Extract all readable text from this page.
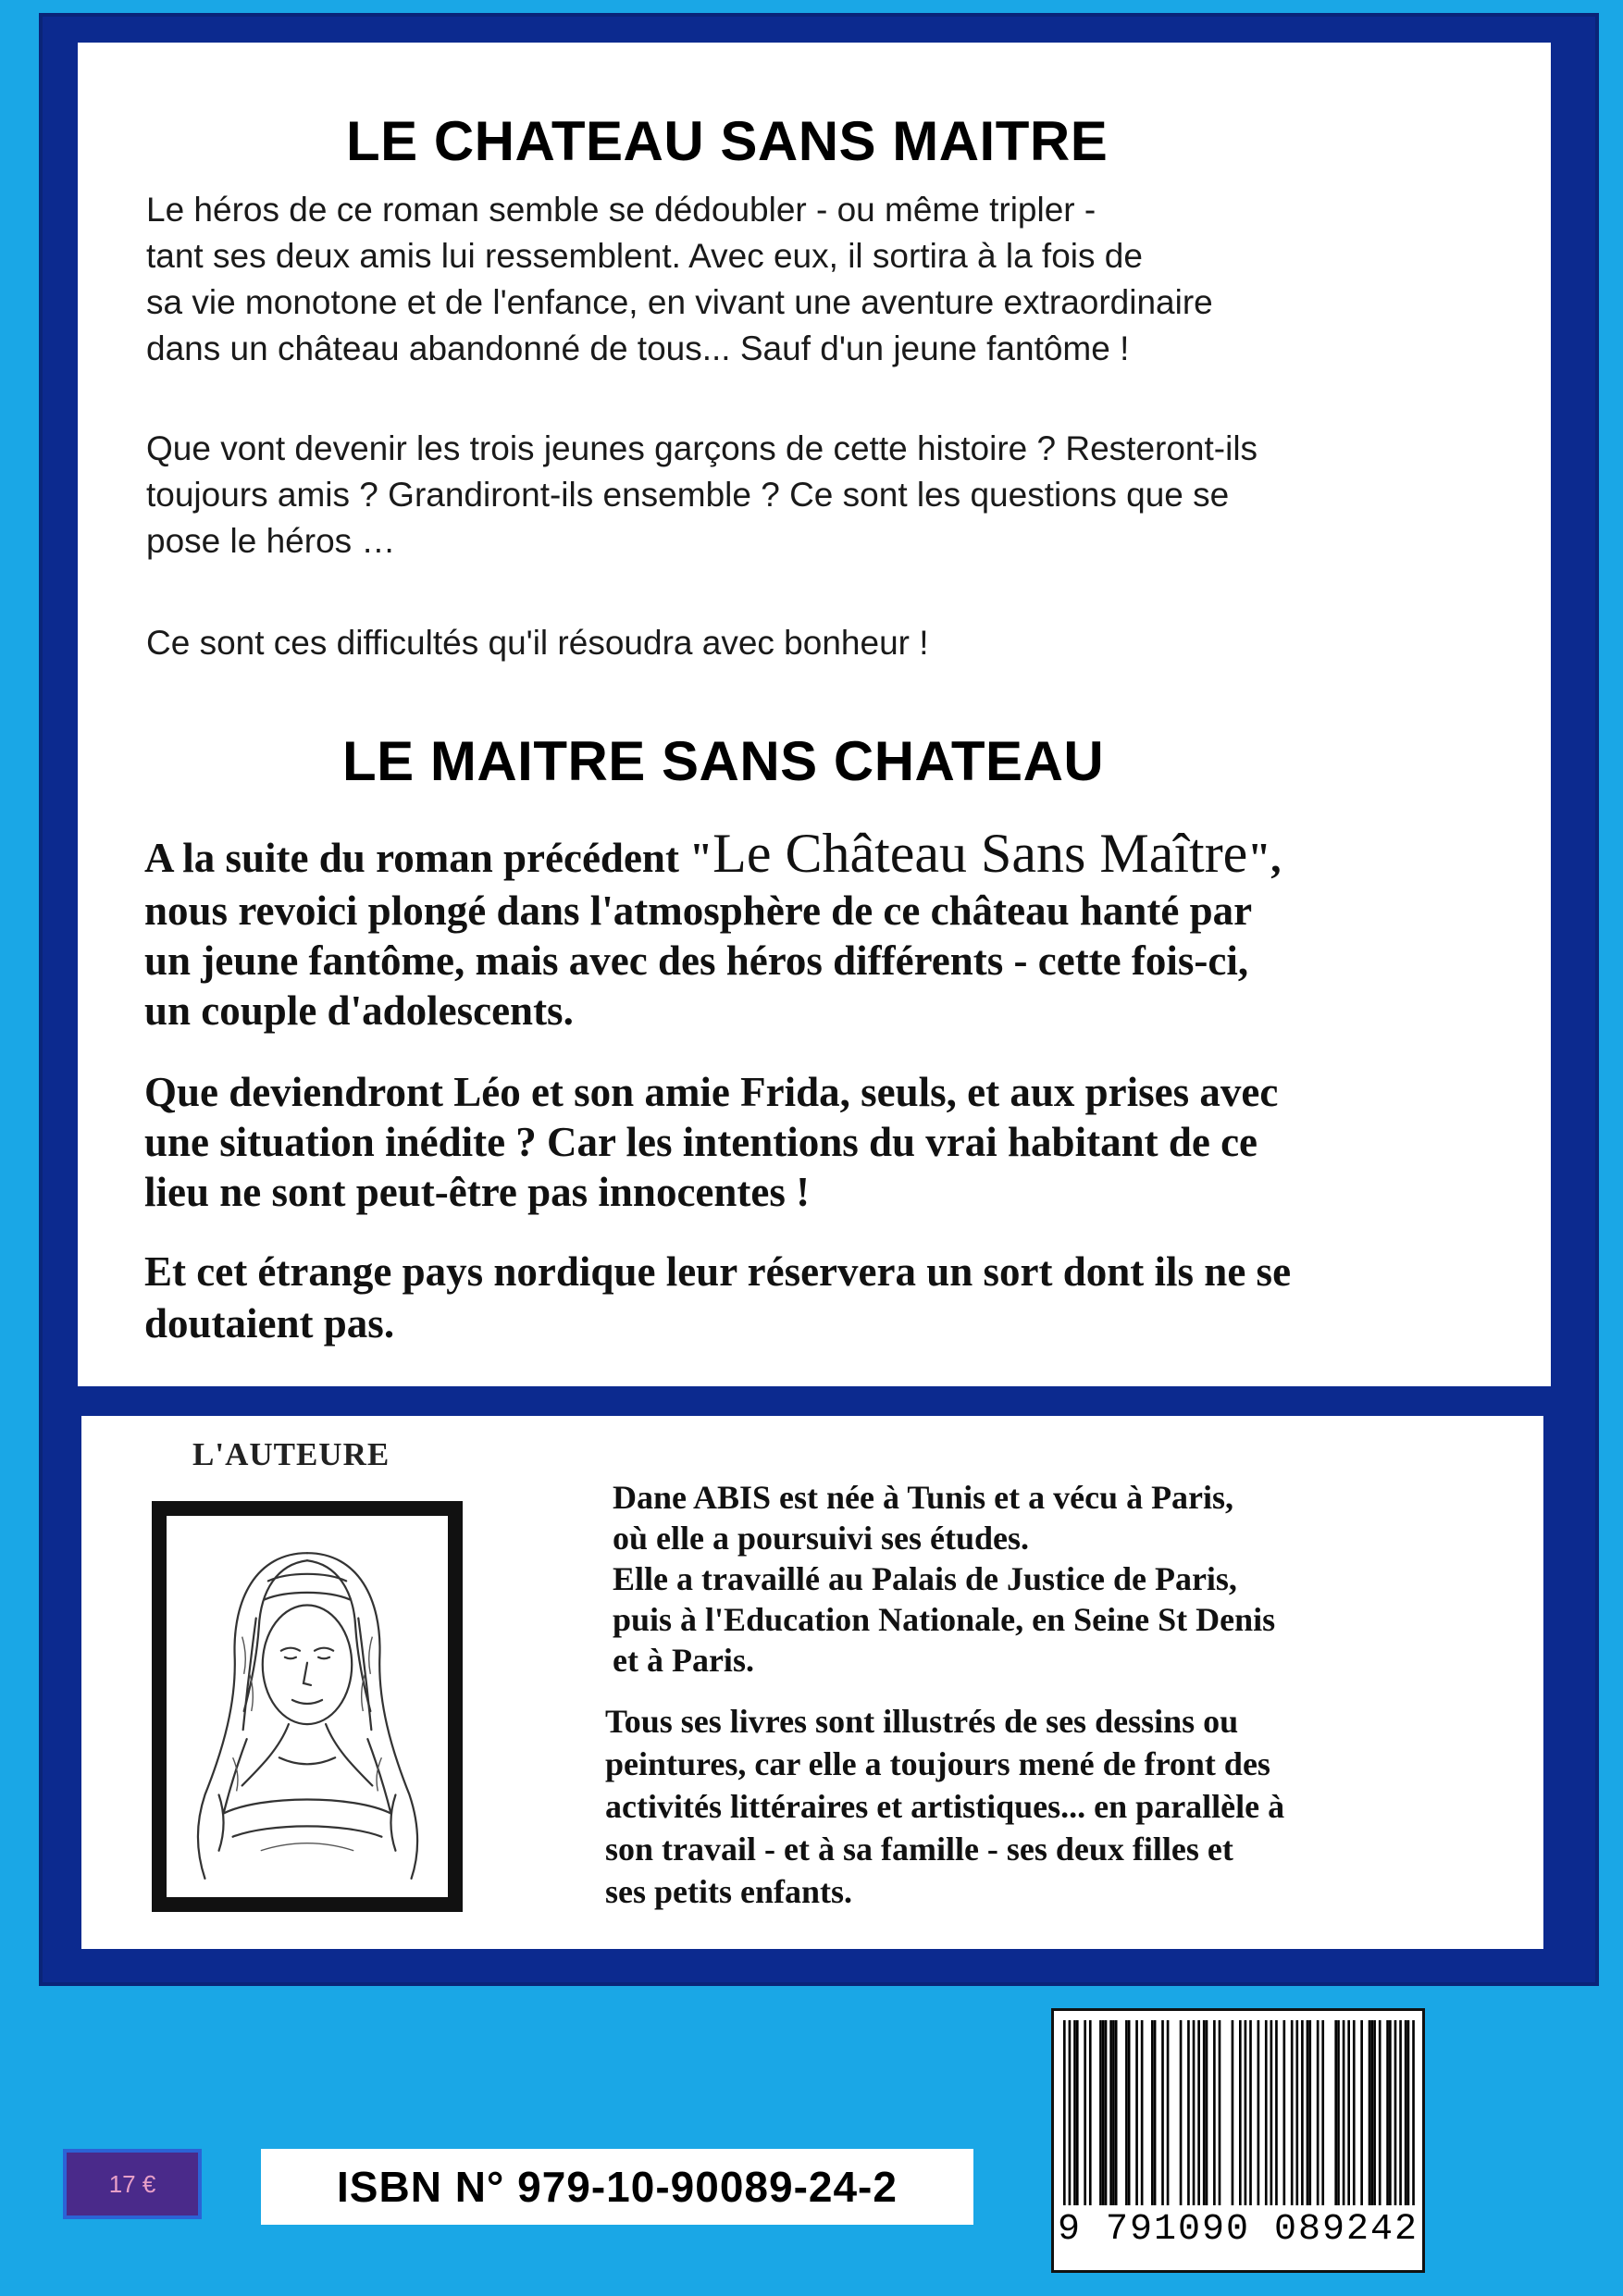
LE CHATEAU SANS MAITRE
Le héros de ce roman semble se dédoubler - ou même tripler -
tant ses deux amis lui ressemblent. Avec eux, il sortira à la fois de
sa vie monotone et de l'enfance, en vivant une aventure extraordinaire
dans un château abandonné de tous... Sauf d'un jeune fantôme !
Que vont devenir les trois jeunes garçons de cette histoire ? Resteront-ils
toujours amis ? Grandiront-ils ensemble ? Ce sont les questions que se
pose le héros …
Ce sont ces difficultés qu'il résoudra avec bonheur !
LE MAITRE SANS CHATEAU
A la suite du roman précédent "Le Château Sans Maître",
nous revoici plongé dans l'atmosphère de ce château hanté par
un jeune fantôme, mais avec des héros différents - cette fois-ci,
un couple d'adolescents.
Que deviendront Léo et son amie Frida, seuls, et aux prises avec
une situation inédite ? Car les intentions du vrai habitant de ce
lieu ne sont peut-être pas innocentes !
Et cet étrange pays nordique leur réservera un sort dont ils ne se
doutaient pas.
L'AUTEURE
Dane ABIS est née à Tunis et a vécu à Paris,
où elle a poursuivi ses études.
Elle a travaillé au Palais de Justice de Paris,
puis à l'Education Nationale, en Seine St Denis
et à Paris.
Tous ses livres sont illustrés de ses dessins ou
peintures, car elle a toujours mené de front des
activités littéraires et artistiques... en parallèle à
son travail - et à sa famille - ses deux filles et
ses petits enfants.
17 €	ISBN N° 979-10-90089-24-2
9 791090 089242
